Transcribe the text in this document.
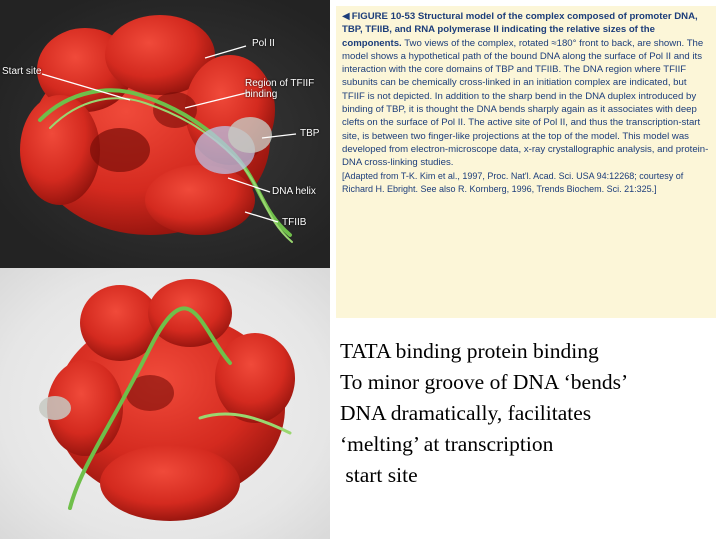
Pol II
Start site
Region of TFIIF binding
TBP
DNA helix
TFIIB
◀ FIGURE 10-53 Structural model of the complex composed of promoter DNA, TBP, TFIIB, and RNA polymerase II indicating the relative sizes of the components. Two views of the complex, rotated ≈180° front to back, are shown. The model shows a hypothetical path of the bound DNA along the surface of Pol II and its interaction with the core domains of TBP and TFIIB. The DNA region where TFIIF subunits can be chemically cross-linked in an initiation complex are indicated, but TFIIF is not depicted. In addition to the sharp bend in the DNA duplex introduced by binding of TBP, it is thought the DNA bends sharply again as it associates with deep clefts on the surface of Pol II. The active site of Pol II, and thus the transcription-start site, is between two finger-like projections at the top of the model. This model was developed from electron-microscope data, x-ray crystallographic analysis, and protein-DNA cross-linking studies.
[Adapted from T-K. Kim et al., 1997, Proc. Nat'l. Acad. Sci. USA 94:12268; courtesy of Richard H. Ebright. See also R. Kornberg, 1996, Trends Biochem. Sci. 21:325.]
TATA binding protein binding
To minor groove of DNA ‘bends’
DNA dramatically, facilitates
‘melting’ at transcription
start site
